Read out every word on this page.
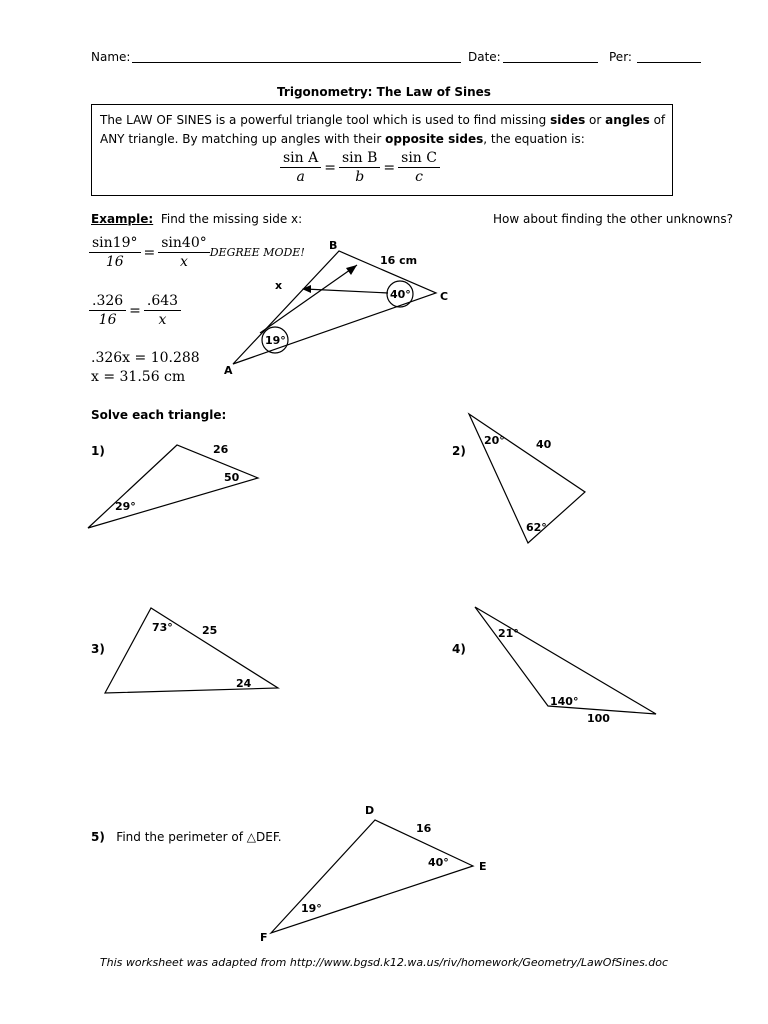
Name:	Date:	Per:
Trigonometry: The Law of Sines
The LAW OF SINES is a powerful triangle tool which is used to find missing sides or angles of
ANY triangle. By matching up angles with their opposite sides, the equation is:
$\frac{\text{sin A}}{a} = \frac{\text{sin B}}{b} = \frac{\text{sin C}}{c}$
Example: Find the missing side x:	How about finding the other unknowns?
$\frac{\sin 19^\circ}{16} = \frac{\sin 40^\circ}{x}$ DEGREE MODE!
$\frac{.326}{16} = \frac{.643}{x}$
.326x = 10.288
x = 31.56 cm
B
A
C
16 cm
x
40°
19°
Solve each triangle:
1)	26
50
29°
2)
20°	40
62°
3)
73°	25
24
4)
21°
140°
100
5) Find the perimeter of △DEF.
D
E
F
16
40°
19°
This worksheet was adapted from http://www.bgsd.k12.wa.us/riv/homework/Geometry/LawOfSines.doc
